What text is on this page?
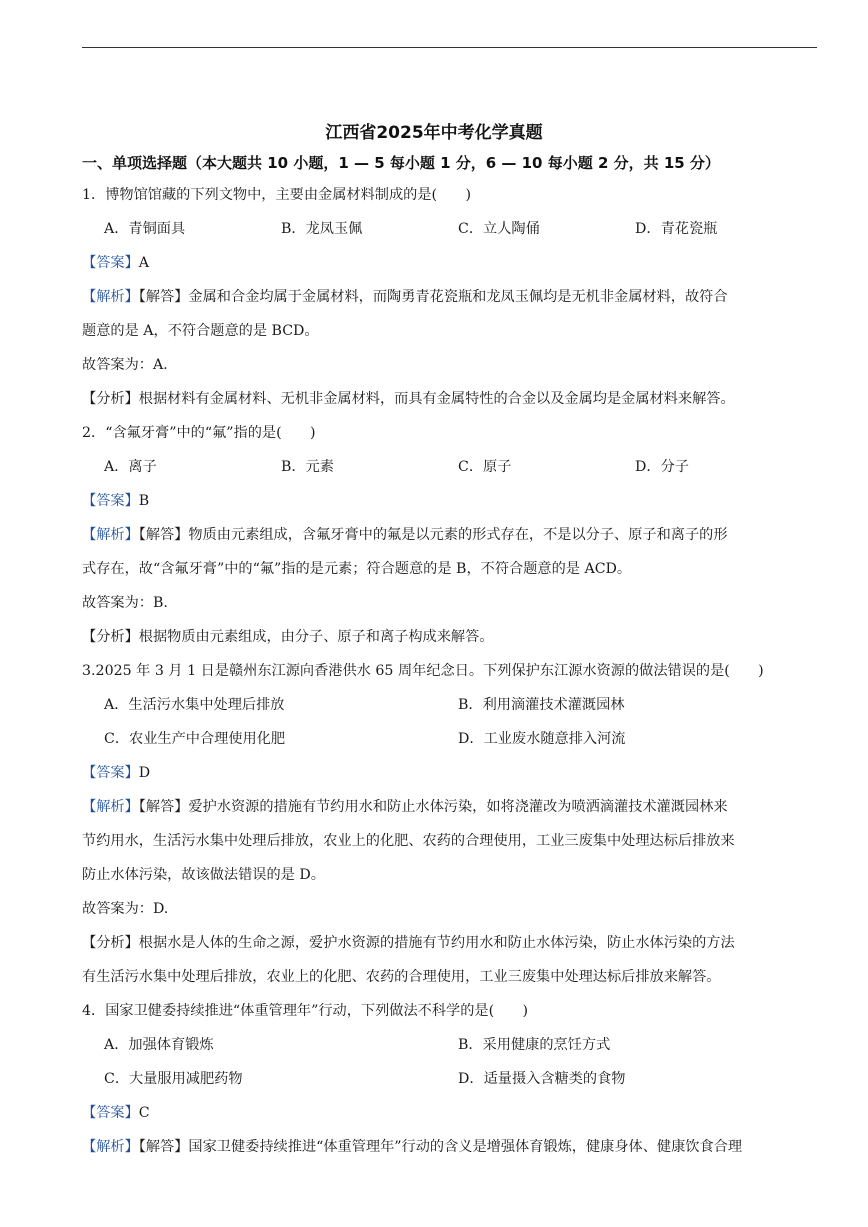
江西省2025年中考化学真题
一、单项选择题（本大题共 10 小题，1 — 5 每小题 1 分，6 — 10 每小题 2 分，共 15 分）
1．博物馆馆藏的下列文物中，主要由金属材料制成的是(　　)
A．青铜面具	B．龙凤玉佩	C．立人陶俑	D．青花瓷瓶
【答案】A
【解析】【解答】金属和合金均属于金属材料，而陶勇青花瓷瓶和龙凤玉佩均是无机非金属材料，故符合
题意的是 A，不符合题意的是 BCD。
故答案为：A.
【分析】根据材料有金属材料、无机非金属材料，而具有金属特性的合金以及金属均是金属材料来解答。
2．“含氟牙膏”中的“氟”指的是(　　)
A．离子	B．元素	C．原子	D．分子
【答案】B
【解析】【解答】物质由元素组成，含氟牙膏中的氟是以元素的形式存在，不是以分子、原子和离子的形
式存在，故“含氟牙膏”中的“氟”指的是元素；符合题意的是 B，不符合题意的是 ACD。
故答案为：B.
【分析】根据物质由元素组成，由分子、原子和离子构成来解答。
3.2025 年 3 月 1 日是赣州东江源向香港供水 65 周年纪念日。下列保护东江源水资源的做法错误的是(　　)
A．生活污水集中处理后排放	B．利用滴灌技术灌溉园林
C．农业生产中合理使用化肥	D．工业废水随意排入河流
【答案】D
【解析】【解答】爱护水资源的措施有节约用水和防止水体污染，如将浇灌改为喷洒滴灌技术灌溉园林来
节约用水，生活污水集中处理后排放，农业上的化肥、农药的合理使用，工业三废集中处理达标后排放来
防止水体污染，故该做法错误的是 D。
故答案为：D.
【分析】根据水是人体的生命之源，爱护水资源的措施有节约用水和防止水体污染，防止水体污染的方法
有生活污水集中处理后排放，农业上的化肥、农药的合理使用，工业三废集中处理达标后排放来解答。
4．国家卫健委持续推进“体重管理年”行动，下列做法不科学的是(　　)
A．加强体育锻炼	B．采用健康的烹饪方式
C．大量服用减肥药物	D．适量摄入含糖类的食物
【答案】C
【解析】【解答】国家卫健委持续推进“体重管理年”行动的含义是增强体育锻炼，健康身体、健康饮食合理
